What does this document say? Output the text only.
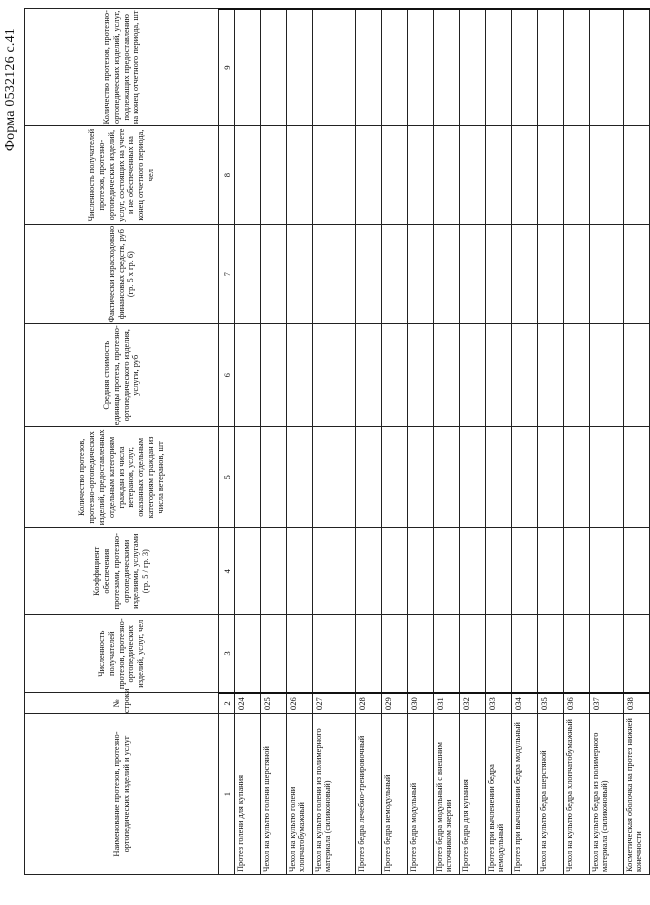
Форма 0532126 с.41
Наименование протезов, протезно-ортопедических изделий и услуг	№ строки	Численность получателей протезов, протезно-ортопедических изделий, услуг, чел	Коэффициент обеспечения протезами, протезно-ортопедическими изделиями, услугами (гр. 5 / гр. 3)	Количество протезов, протезно-ортопедических изделий, предоставленных отдельным категориям граждан из числа ветеранов, услуг, оказанных отдельным категориям граждан из числа ветеранов, шт	Средняя стоимость единицы протеза, протезно-ортопедического изделия, услуги, руб	Фактически израсходовано финансовых средств, руб (гр. 5 х гр. 6)	Численность получателей протезов, протезно-ортопедических изделий, услуг, состоящих на учете и не обеспеченных на конец отчетного периода, чел	Количество протезов, протезно-ортопедических изделий, услуг, подлежащих предоставлению на конец отчетного периода, шт
1	2	3	4	5	6	7	8	9
Протез голени для купания	024							
Чехол на культю голени шерстяной	025							
Чехол на культю голени хлопчатобумажный	026							
Чехол на культю голени из полимерного материала (силиконовый)	027							
Протез бедра лечебно-тренировочный	028							
Протез бедра немодульный	029							
Протез бедра модульный	030							
Протез бедра модульный с внешним источником энергии	031							
Протез бедра для купания	032							
Протез при вычленении бедра немодульный	033							
Протез при вычленении бедра модульный	034							
Чехол на культю бедра шерстяной	035							
Чехол на культю бедра хлопчатобумажный	036							
Чехол на культю бедра из полимерного материала (силиконовый)	037							
Косметическая оболочка на протез нижней конечности	038							
